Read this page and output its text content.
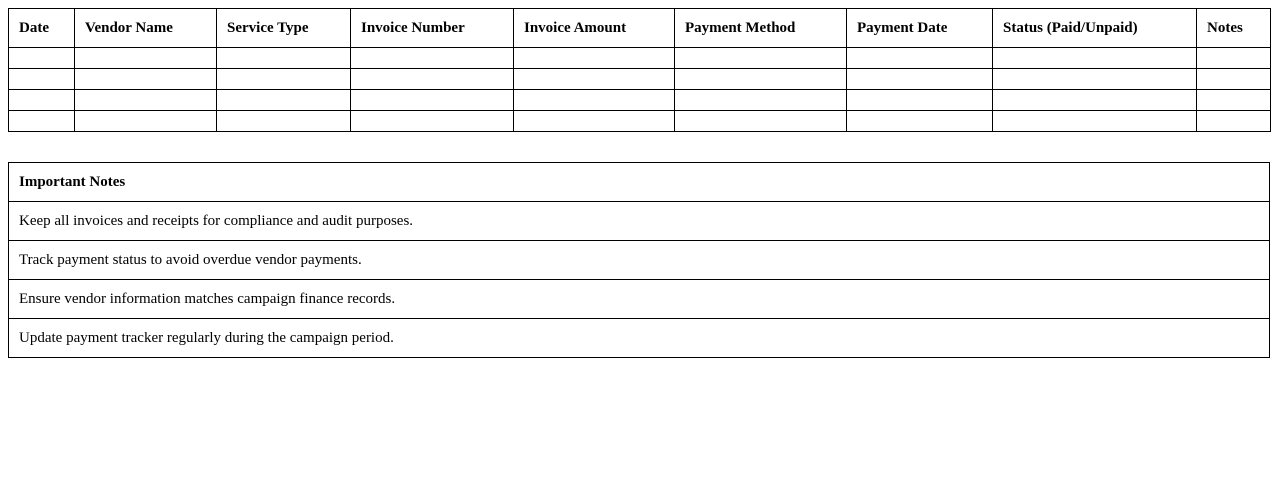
Date	Vendor Name	Service Type	Invoice Number	Invoice Amount	Payment Method	Payment Date	Status (Paid/Unpaid)	Notes

Important Notes
Keep all invoices and receipts for compliance and audit purposes.
Track payment status to avoid overdue vendor payments.
Ensure vendor information matches campaign finance records.
Update payment tracker regularly during the campaign period.
